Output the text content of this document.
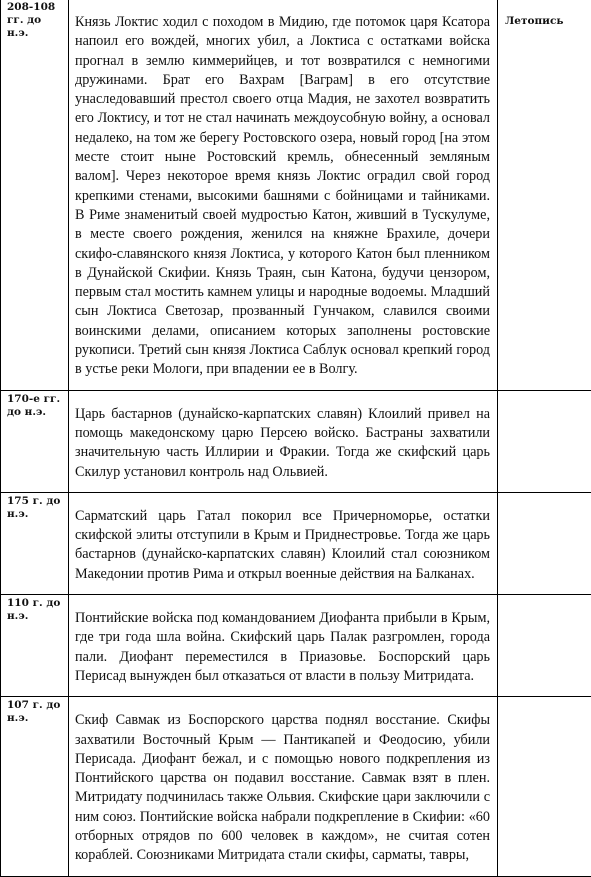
208-108 гг. до н.э.	Князь Локтис ходил с походом в Мидию, где потомок царя Ксатора напоил его вождей, многих убил, а Локтиса с остатками войска прогнал в землю киммерийцев, и тот возвратился с немногими дружинами. Брат его Вахрам [Ваграм] в его отсутствие унаследовавший престол своего отца Мадия, не захотел возвратить его Локтису, и тот не стал начинать междоусобную войну, а основал недалеко, на том же берегу Ростовского озера, новый город [на этом месте стоит ныне Ростовский кремль, обнесенный земляным валом]. Через некоторое время князь Локтис оградил свой город крепкими стенами, высокими башнями с бойницами и тайниками. В Риме знаменитый своей мудростью Катон, живший в Тускулуме, в месте своего рождения, женился на княжне Брахиле, дочери скифо-славянского князя Локтиса, у которого Катон был пленником в Дунайской Скифии. Князь Траян, сын Катона, будучи цензором, первым стал мостить камнем улицы и народные водоемы. Младший сын Локтиса Светозар, прозванный Гунчаком, славился своими воинскими делами, описанием которых заполнены ростовские рукописи. Третий сын князя Локтиса Саблук основал крепкий город в устье реки Мологи, при впадении ее в Волгу.	Летопись

170-е гг. до н.э.	Царь бастарнов (дунайско-карпатских славян) Клоилий привел на помощь македонскому царю Персею войско. Бастраны захватили значительную часть Иллирии и Фракии. Тогда же скифский царь Скилур установил контроль над Ольвией.	

175 г. до н.э.	Сарматский царь Гатал покорил все Причерноморье, остатки скифской элиты отступили в Крым и Приднестровье. Тогда же царь бастарнов (дунайско-карпатских славян) Клоилий стал союзником Македонии против Рима и открыл военные действия на Балканах.	

110 г. до н.э.	Понтийские войска под командованием Диофанта прибыли в Крым, где три года шла война. Скифский царь Палак разгромлен, города пали. Диофант переместился в Приазовье. Боспорский царь Перисад вынужден был отказаться от власти в пользу Митридата.	

107 г. до н.э.	Скиф Савмак из Боспорского царства поднял восстание. Скифы захватили Восточный Крым — Пантикапей и Феодосию, убили Перисада. Диофант бежал, и с помощью нового подкрепления из Понтийского царства он подавил восстание. Савмак взят в плен. Митридату подчинилась также Ольвия. Скифские цари заключили с ним союз. Понтийские войска набрали подкрепление в Скифии: «60 отборных отрядов по 600 человек в каждом», не считая сотен кораблей. Союзниками Митридата стали скифы, сарматы, тавры,	
